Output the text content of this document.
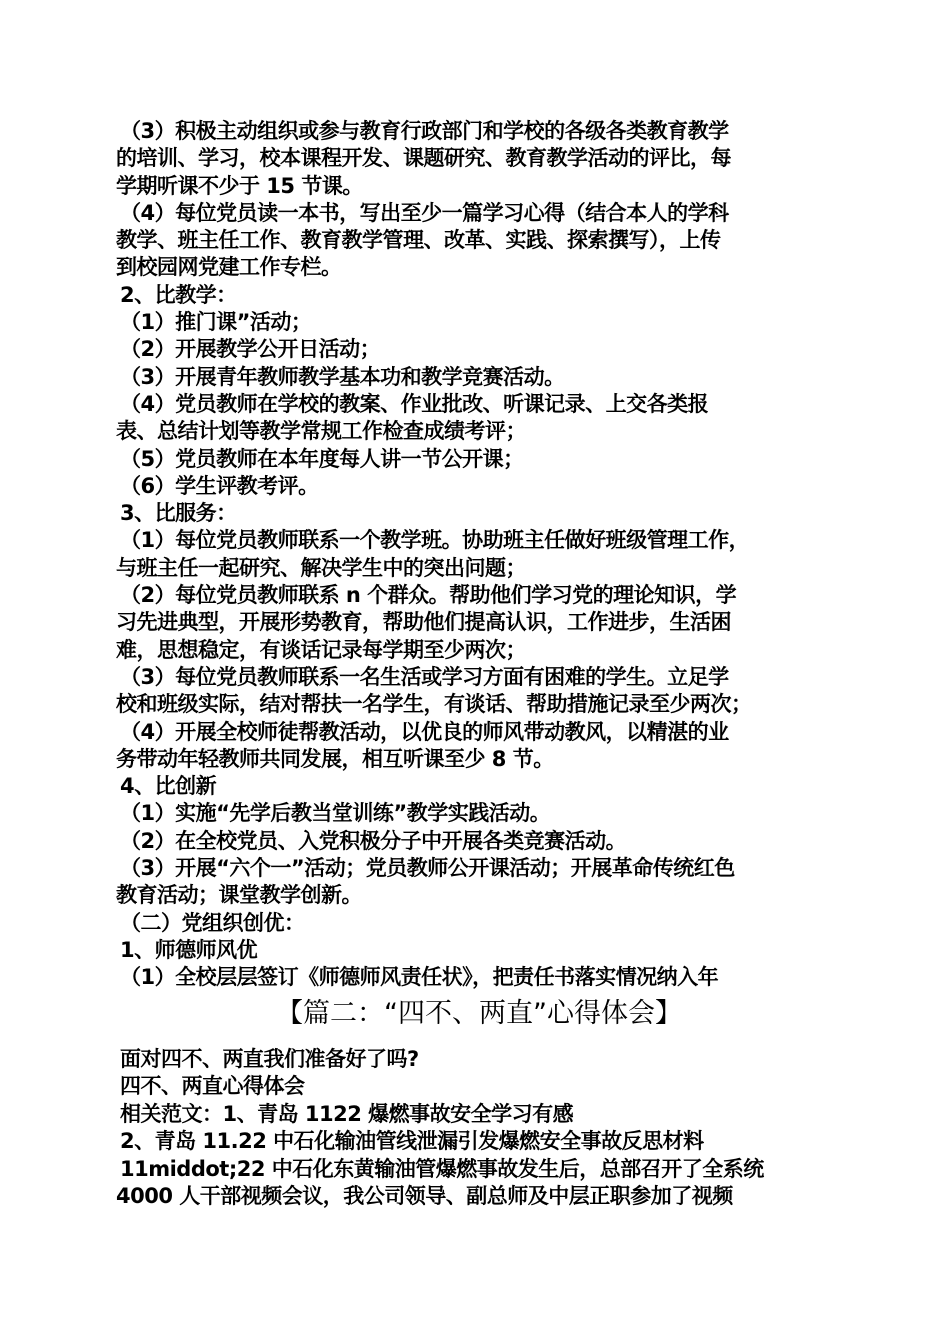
（3）积极主动组织或参与教育行政部门和学校的各级各类教育教学
的培训、学习，校本课程开发、课题研究、教育教学活动的评比，每
学期听课不少于 15 节课。
（4）每位党员读一本书，写出至少一篇学习心得（结合本人的学科
教学、班主任工作、教育教学管理、改革、实践、探索撰写），上传
到校园网党建工作专栏。
2、比教学：
（1）推门课”活动；
（2）开展教学公开日活动；
（3）开展青年教师教学基本功和教学竞赛活动。
（4）党员教师在学校的教案、作业批改、听课记录、上交各类报
表、总结计划等教学常规工作检查成绩考评；
（5）党员教师在本年度每人讲一节公开课；
（6）学生评教考评。
3、比服务：
（1）每位党员教师联系一个教学班。协助班主任做好班级管理工作，
与班主任一起研究、解决学生中的突出问题；
（2）每位党员教师联系 n 个群众。帮助他们学习党的理论知识，学
习先进典型，开展形势教育，帮助他们提高认识，工作进步，生活困
难，思想稳定，有谈话记录每学期至少两次；
（3）每位党员教师联系一名生活或学习方面有困难的学生。立足学
校和班级实际，结对帮扶一名学生，有谈话、帮助措施记录至少两次；
（4）开展全校师徒帮教活动，以优良的师风带动教风，以精湛的业
务带动年轻教师共同发展，相互听课至少 8 节。
4、比创新
（1）实施“先学后教当堂训练”教学实践活动。
（2）在全校党员、入党积极分子中开展各类竞赛活动。
（3）开展“六个一”活动；党员教师公开课活动；开展革命传统红色
教育活动；课堂教学创新。
（二）党组织创优：
1、师德师风优
（1）全校层层签订《师德师风责任状》，把责任书落实情况纳入年
【篇二：“四不、两直”心得体会】
面对四不、两直我们准备好了吗?
四不、两直心得体会
相关范文：1、青岛 1122 爆燃事故安全学习有感
2、青岛 11.22 中石化输油管线泄漏引发爆燃安全事故反思材料
11middot;22 中石化东黄输油管爆燃事故发生后，总部召开了全系统
4000 人干部视频会议，我公司领导、副总师及中层正职参加了视频
